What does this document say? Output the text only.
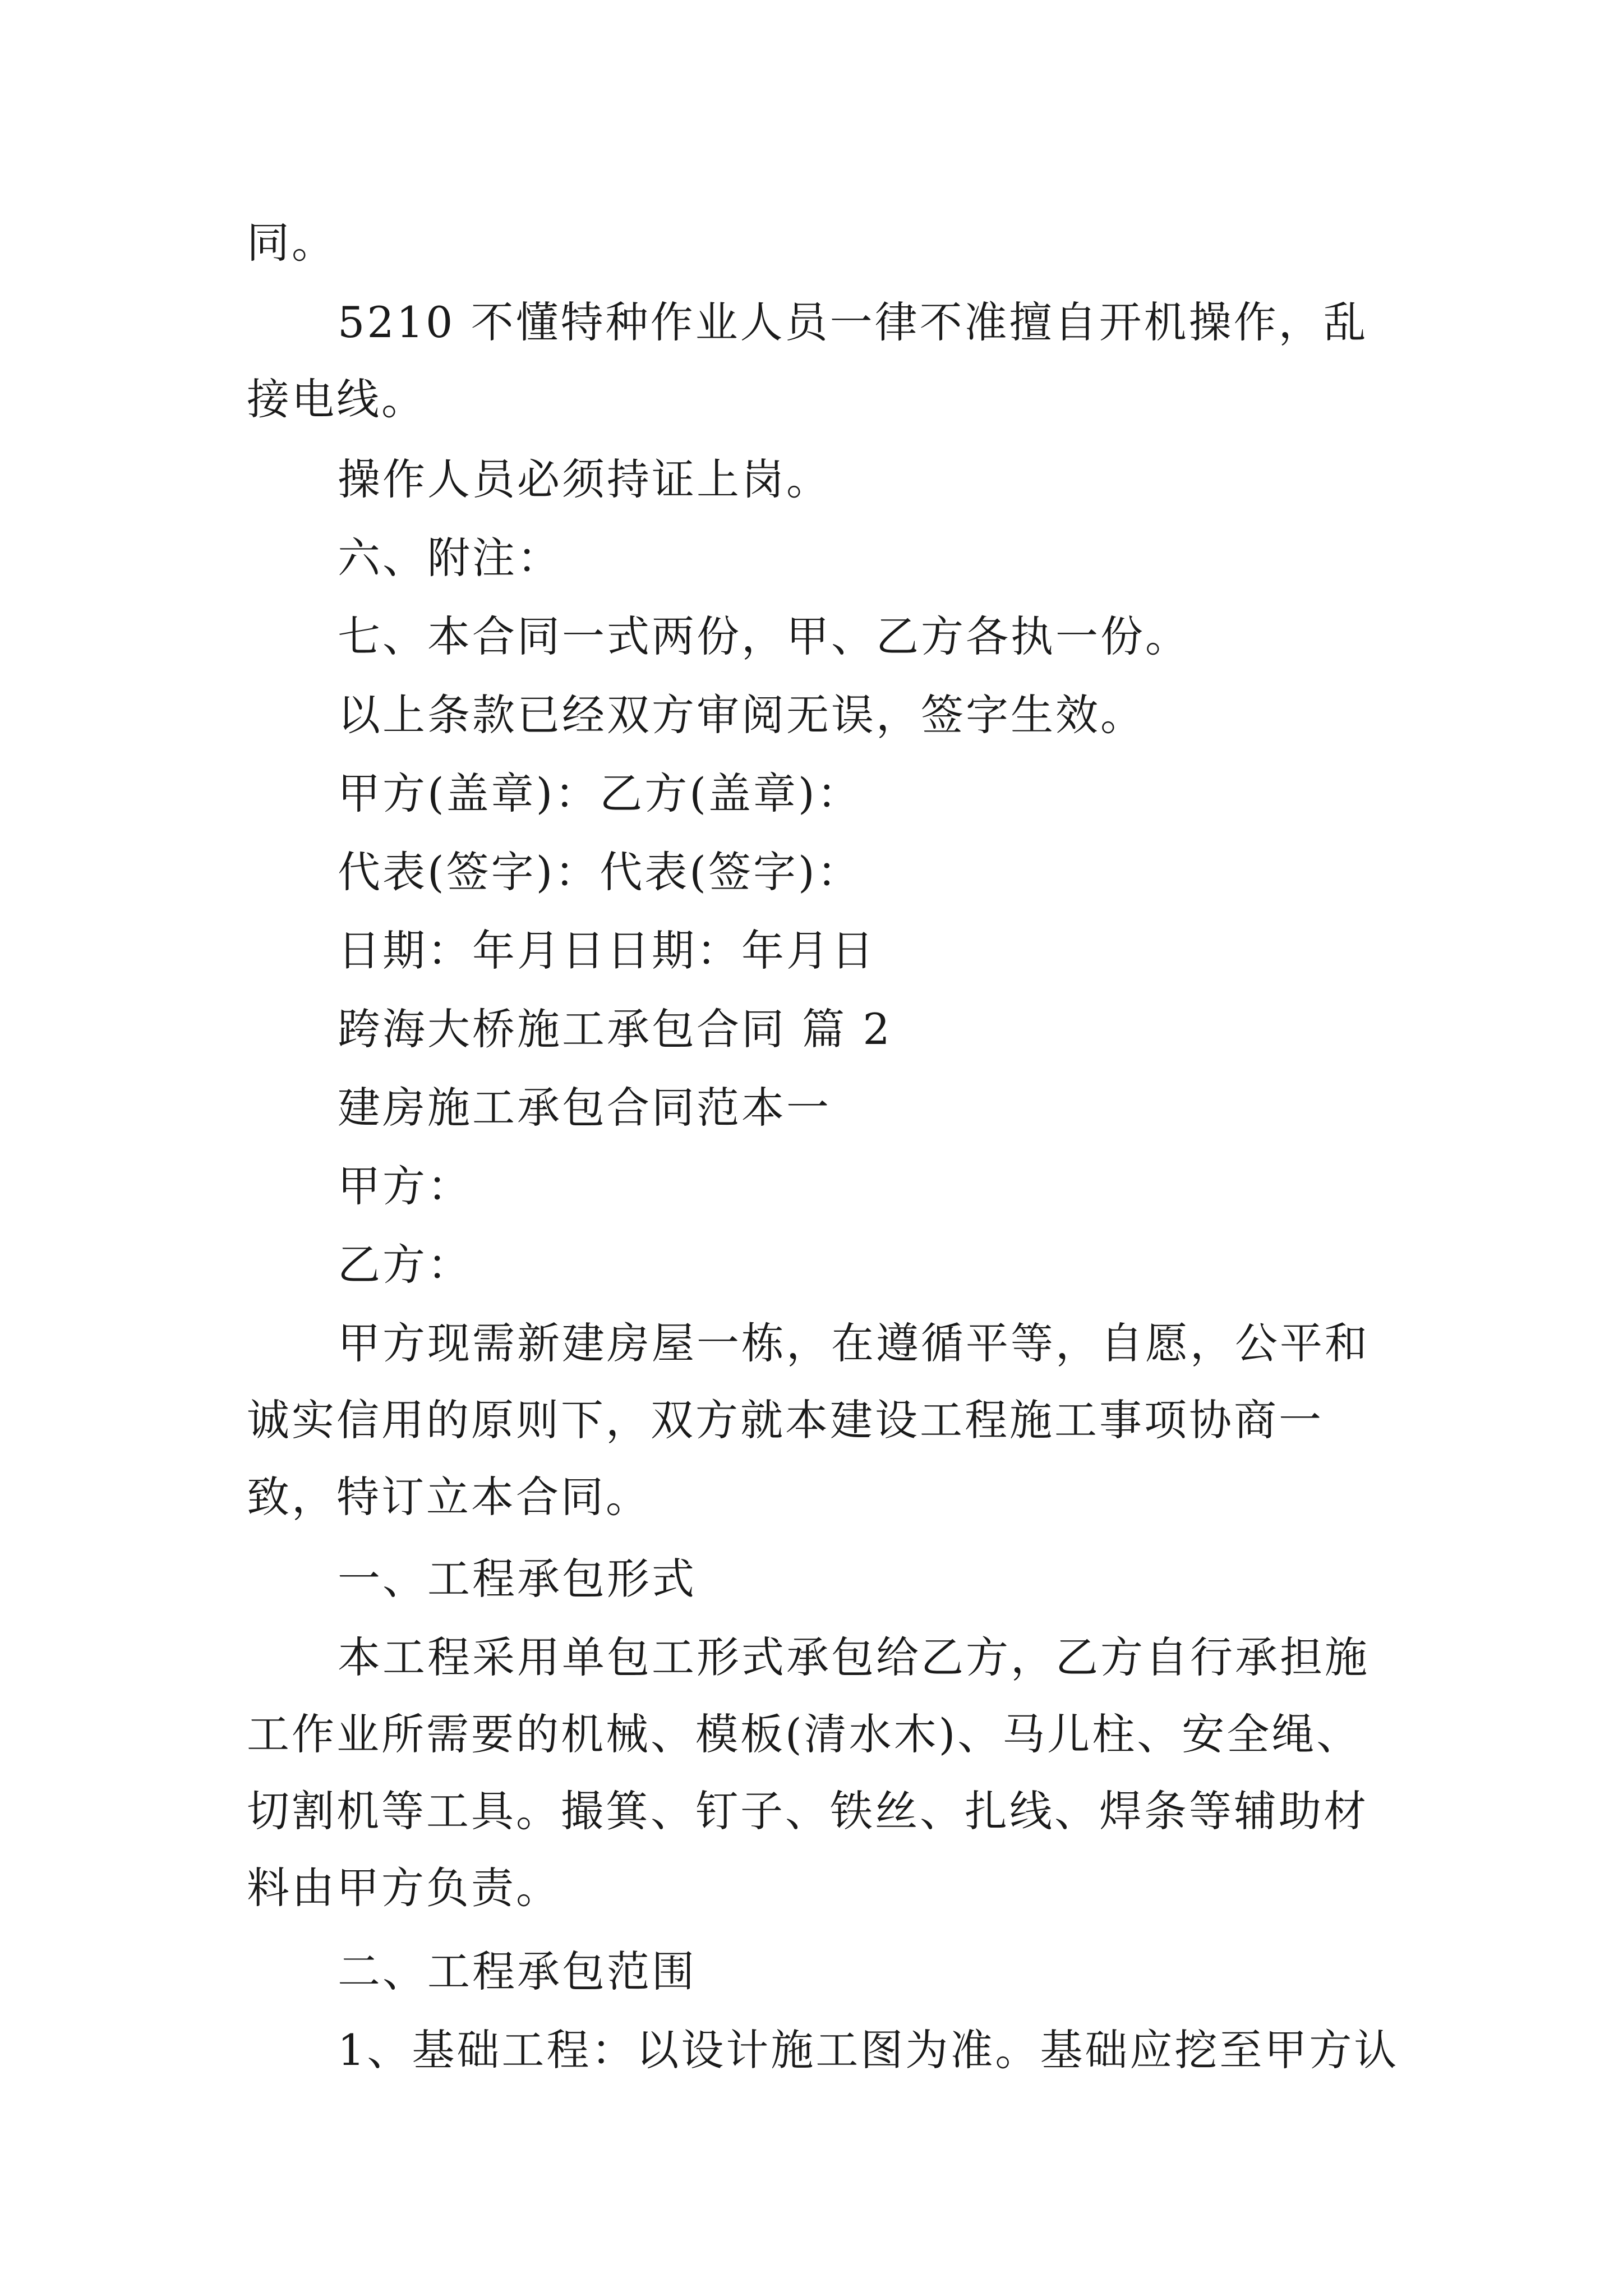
同。

5210 不懂特种作业人员一律不准擅自开机操作，乱接电线。

操作人员必须持证上岗。

六、附注：

七、本合同一式两份，甲、乙方各执一份。

以上条款已经双方审阅无误，签字生效。

甲方(盖章)：乙方(盖章)：

代表(签字)：代表(签字)：

日期：年月日日期：年月日

跨海大桥施工承包合同 篇 2

建房施工承包合同范本一

甲方：

乙方：

甲方现需新建房屋一栋，在遵循平等，自愿，公平和诚实信用的原则下，双方就本建设工程施工事项协商一致，特订立本合同。

一、工程承包形式

本工程采用单包工形式承包给乙方，乙方自行承担施工作业所需要的机械、模板(清水木)、马儿柱、安全绳、切割机等工具。撮箕、钉子、铁丝、扎线、焊条等辅助材料由甲方负责。

二、工程承包范围

1、基础工程：以设计施工图为准。基础应挖至甲方认
